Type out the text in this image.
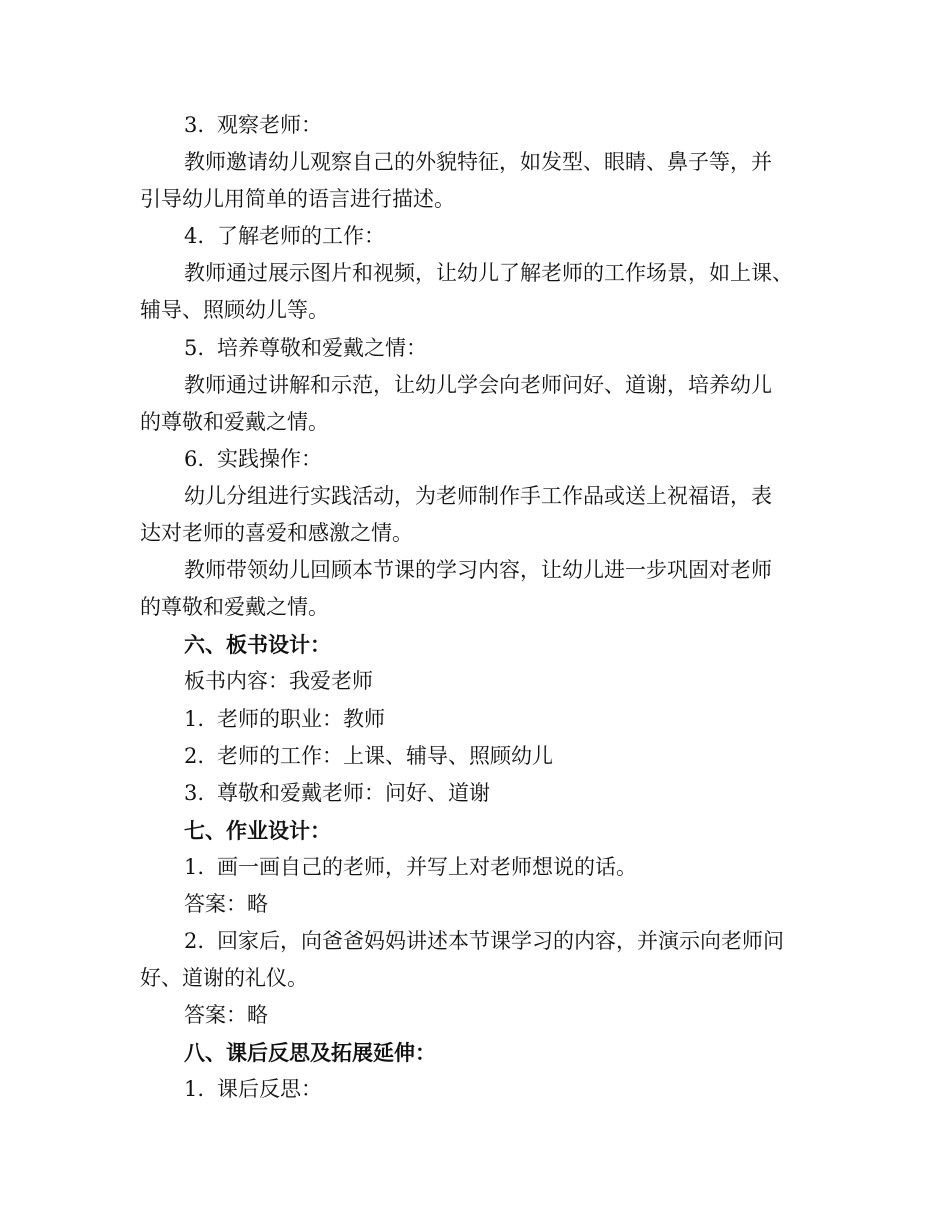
3. 观察老师：
教师邀请幼儿观察自己的外貌特征，如发型、眼睛、鼻子等，并
引导幼儿用简单的语言进行描述。
4. 了解老师的工作：
教师通过展示图片和视频，让幼儿了解老师的工作场景，如上课、
辅导、照顾幼儿等。
5. 培养尊敬和爱戴之情：
教师通过讲解和示范，让幼儿学会向老师问好、道谢，培养幼儿
的尊敬和爱戴之情。
6. 实践操作：
幼儿分组进行实践活动，为老师制作手工作品或送上祝福语，表
达对老师的喜爱和感激之情。
教师带领幼儿回顾本节课的学习内容，让幼儿进一步巩固对老师
的尊敬和爱戴之情。
六、板书设计：
板书内容：我爱老师
1. 老师的职业：教师
2. 老师的工作：上课、辅导、照顾幼儿
3. 尊敬和爱戴老师：问好、道谢
七、作业设计：
1. 画一画自己的老师，并写上对老师想说的话。
答案：略
2. 回家后，向爸爸妈妈讲述本节课学习的内容，并演示向老师问
好、道谢的礼仪。
答案：略
八、课后反思及拓展延伸：
1. 课后反思：
